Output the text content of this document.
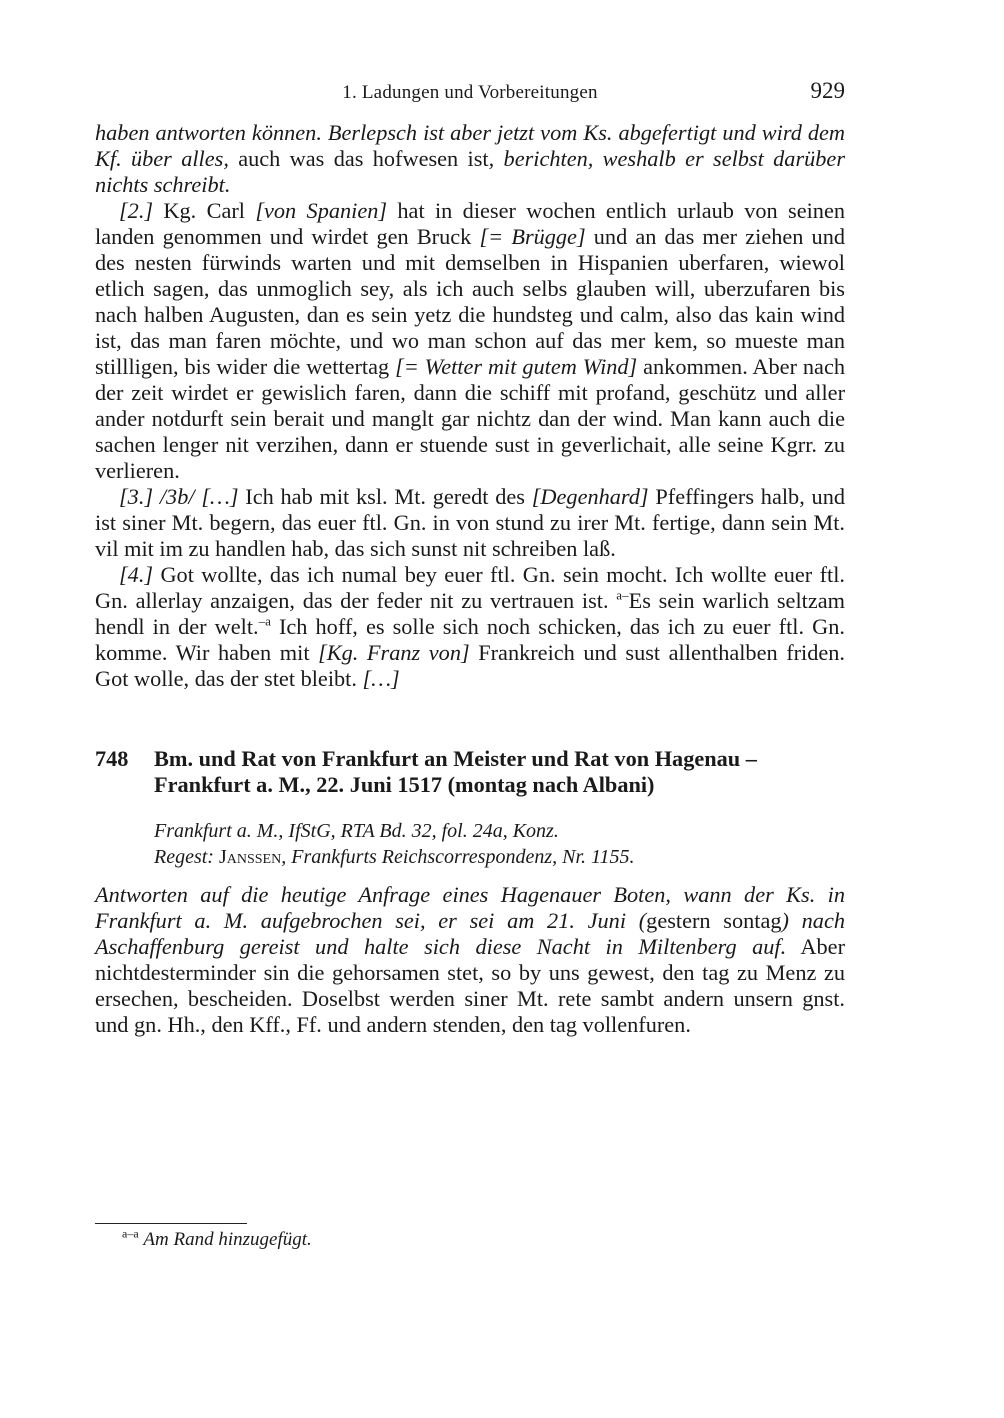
1. Ladungen und Vorbereitungen	929

haben antworten können. Berlepsch ist aber jetzt vom Ks. abgefertigt und wird dem Kf. über alles, auch was das hofwesen ist, berichten, weshalb er selbst darüber nichts schreibt.

[2.] Kg. Carl [von Spanien] hat in dieser wochen entlich urlaub von seinen landen genommen und wirdet gen Bruck [= Brügge] und an das mer ziehen und des nesten fürwinds warten und mit demselben in Hispanien uberfaren, wiewol etlich sagen, das unmoglich sey, als ich auch selbs glauben will, uberzufaren bis nach halben Augusten, dan es sein yetz die hundsteg und calm, also das kain wind ist, das man faren möchte, und wo man schon auf das mer kem, so mueste man stillligen, bis wider die wettertag [= Wetter mit gutem Wind] ankommen. Aber nach der zeit wirdet er gewislich faren, dann die schiff mit profand, geschütz und aller ander notdurft sein berait und manglt gar nichtz dan der wind. Man kann auch die sachen lenger nit verzihen, dann er stuende sust in geverlichait, alle seine Kgrr. zu verlieren.

[3.] /3b/ […] Ich hab mit ksl. Mt. geredt des [Degenhard] Pfeffingers halb, und ist siner Mt. begern, das euer ftl. Gn. in von stund zu irer Mt. fertige, dann sein Mt. vil mit im zu handlen hab, das sich sunst nit schreiben laß.

[4.] Got wollte, das ich numal bey euer ftl. Gn. sein mocht. Ich wollte euer ftl. Gn. allerlay anzaigen, das der feder nit zu vertrauen ist. $^{a-}$Es sein warlich seltzam hendl in der welt.$^{-a}$ Ich hoff, es solle sich noch schicken, das ich zu euer ftl. Gn. komme. Wir haben mit [Kg. Franz von] Frankreich und sust allenthalben friden. Got wolle, das der stet bleibt. […]

748 Bm. und Rat von Frankfurt an Meister und Rat von Hagenau – Frankfurt a. M., 22. Juni 1517 (montag nach Albani)
Frankfurt a. M., IfStG, RTA Bd. 32, fol. 24a, Konz.
Regest: Janssen, Frankfurts Reichscorrespondenz, Nr. 1155.

Antworten auf die heutige Anfrage eines Hagenauer Boten, wann der Ks. in Frankfurt a. M. aufgebrochen sei, er sei am 21. Juni (gestern sontag) nach Aschaffenburg gereist und halte sich diese Nacht in Miltenberg auf. Aber nichtdesterminder sin die gehorsamen stet, so by uns gewest, den tag zu Menz zu ersechen, bescheiden. Doselbst werden siner Mt. rete sambt andern unsern gnst. und gn. Hh., den Kff., Ff. und andern stenden, den tag vollenfuren.

$^{a-a}$ Am Rand hinzugefügt.
